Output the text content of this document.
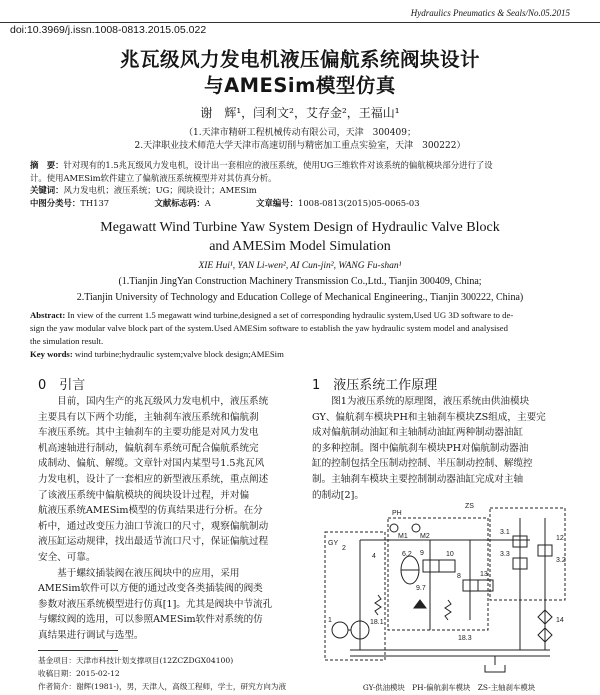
Hydraulics Pneumatics & Seals/No.05.2015
doi:10.3969/j.issn.1008-0813.2015.05.022
兆瓦级风力发电机液压偏航系统阀块设计
与AMESim模型仿真
谢　辉¹，闫利文²，艾存金²，王福山¹
（1.天津市精研工程机械传动有限公司，天津　300409；
2.天津职业技术师范大学天津市高速切削与精密加工重点实验室，天津　300222）
摘　要：针对现有的1.5兆瓦级风力发电机，设计出一套相应的液压系统，使用UG三维软件对该系统的偏航模块部分进行了设
计。使用AMESim软件建立了偏航液压系统模型并对其仿真分析。
关键词：风力发电机；液压系统；UG；阀块设计；AMESim
中图分类号：TH137	文献标志码：A	文章编号：1008-0813(2015)05-0065-03
Megawatt Wind Turbine Yaw System Design of Hydraulic Valve Block
and AMESim Model Simulation
XIE Hui¹, YAN Li-wen², AI Cun-jin², WANG Fu-shan¹
(1.Tianjin JingYan Construction Machinery Transmission Co.,Ltd., Tianjin 300409, China;
2.Tianjin University of Technology and Education College of Mechanical Engineering., Tianjin 300222, China)
Abstract: In view of the current 1.5 megawatt wind turbine,designed a set of corresponding hydraulic system,Used UG 3D software to de-
sign the yaw modular valve block part of the system.Used AMESim software to establish the yaw hydraulic system model and analysised
the simulation result.
Key words: wind turbine;hydraulic system;valve block design;AMESim
0　引言
　　目前，国内生产的兆瓦级风力发电机中，液压系统
主要具有以下两个功能，主轴刹车液压系统和偏航刹
车液压系统。其中主轴刹车的主要功能是对风力发电
机高速轴进行制动，偏航刹车系统可配合偏航系统完
成制动、偏航、解缆。文章针对国内某型号1.5兆瓦风
力发电机，设计了一套相应的新型液压系统，重点阐述
了该液压系统中偏航模块的阀块设计过程，并对偏
航液压系统AMESim模型的仿真结果进行分析。在分
析中，通过改变压力油口节流口的尺寸，观察偏航制动
液压缸运动规律，找出最适节流口尺寸，保证偏航过程
安全、可靠。
　　基于螺纹插装阀在液压阀块中的应用，采用
AMESim软件可以方便的通过改变各类插装阀的阀类
参数对液压系统模型进行仿真[1]。尤其是阀块中节流孔
与螺纹阀的选用，可以参照AMESim软件对系统的仿
真结果进行调试与选型。
基金项目：天津市科技计划支撑项目(12ZCZDGX04100)
收稿日期：2015-02-12
作者简介：谢辉(1981-)，男，天津人，高级工程师，学士，研究方向为液
1　液压系统工作原理
　　图1为液压系统的原理图，液压系统由供油模块
GY、偏航刹车模块PH和主轴刹车模块ZS组成，主要完
成对偏航制动油缸和主轴制动油缸两种制动器油缸
的多种控制。图中偏航刹车模块PH对偏航制动器油
缸的控制包括全压制动控制、半压制动控制、解缆控
制。主轴刹车模块主要控制制动器油缸完成对主轴
的制动[2]。
ZS
PH
M1 M2
2
4	6.2 9
9.7
10
8	13
3.1
3.3
12
3.2
18.1
18.3
1	14
GY
GY-供油模块　PH-偏航刹车模块　ZS-主轴刹车模块
